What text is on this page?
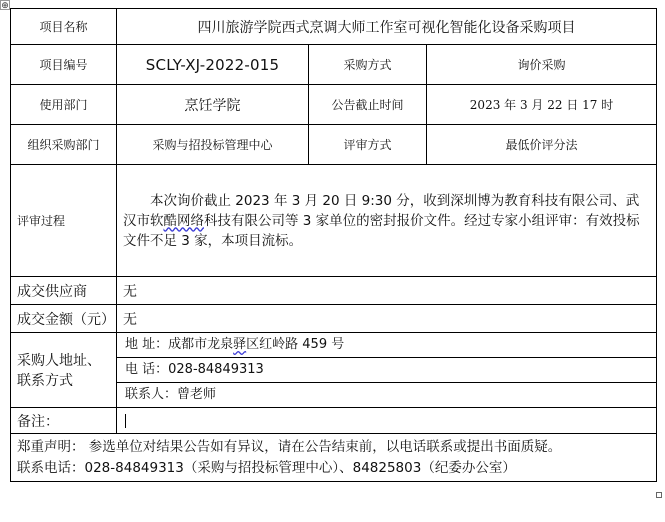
⊕
项目名称	四川旅游学院西式烹调大师工作室可视化智能化设备采购项目		
项目编号	SCLY-XJ-2022-015	采购方式	询价采购
使用部门	烹饪学院	公告截止时间	2023 年 3 月 22 日 17 时
组织采购部门	采购与招投标管理中心	评审方式	最低价评分法
评审过程	本次询价截止 2023 年 3 月 20 日 9:30 分，收到深圳博为教育科技有限公司、武汉市软酷网络科技有限公司等 3 家单位的密封报价文件。经过专家小组评审：有效投标文件不足 3 家，本项目流标。		

成交供应商	无		
成交金额（元）	无		
采购人地址、联系方式	地 址：成都市龙泉驿区红岭路 459 号
电 话：028-84849313
联系人：曾老师		

备注：			

郑重声明： 参选单位对结果公告如有异议，请在公告结束前，以电话联系或提出书面质疑。
联系电话：028-84849313（采购与招投标管理中心）、84825803（纪委办公室）			
